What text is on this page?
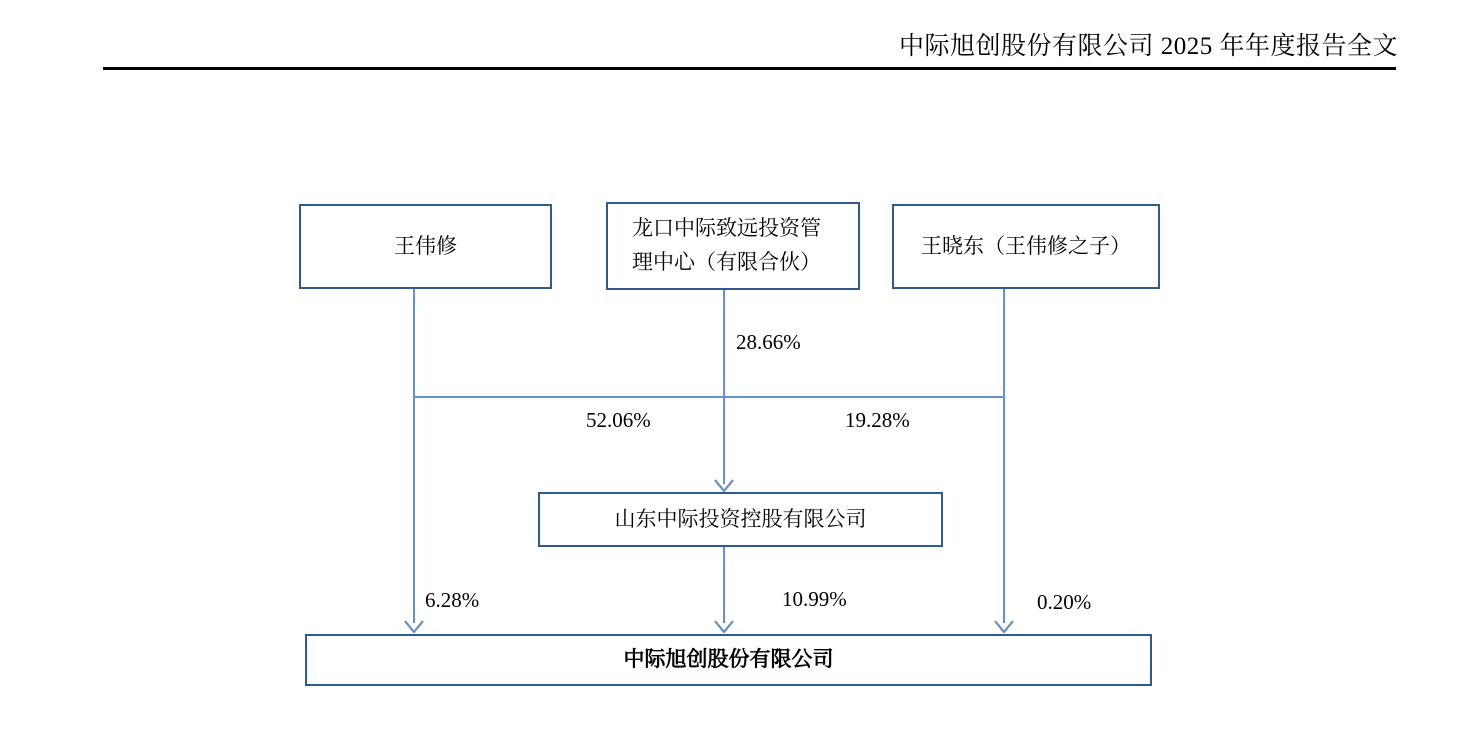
中际旭创股份有限公司 2025 年年度报告全文
28.66%
52.06%	19.28%
6.28%	10.99%	0.20%
王伟修
龙口中际致远投资管理中心（有限合伙）
王晓东（王伟修之子）
山东中际投资控股有限公司
中际旭创股份有限公司
